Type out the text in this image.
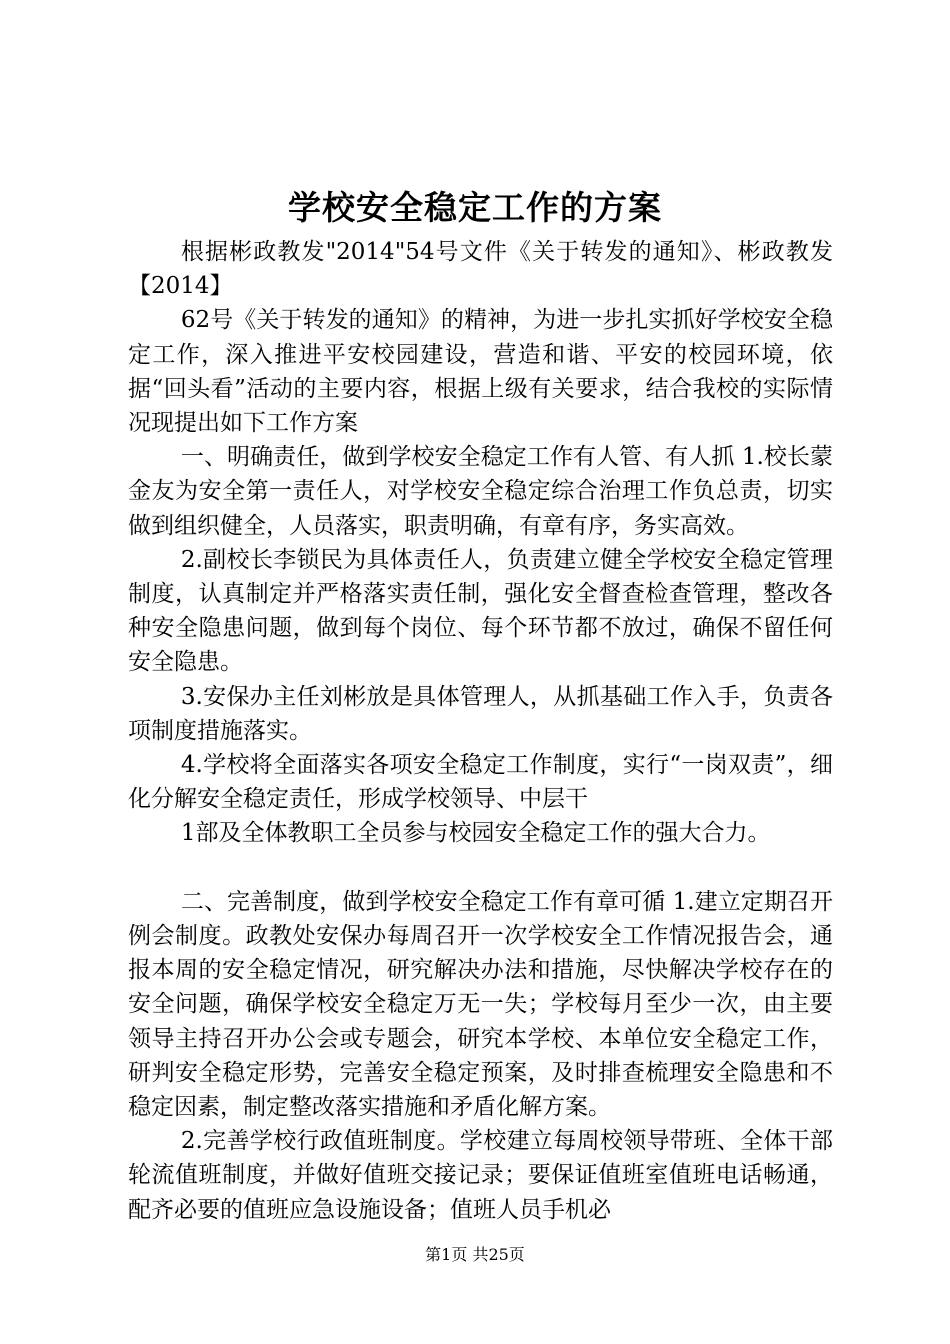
学校安全稳定工作的方案

根据彬政教发"2014"54号文件《关于转发的通知》、彬政教发【2014】

62号《关于转发的通知》的精神，为进一步扎实抓好学校安全稳定工作，深入推进平安校园建设，营造和谐、平安的校园环境，依据“回头看”活动的主要内容，根据上级有关要求，结合我校的实际情况现提出如下工作方案

一、明确责任，做到学校安全稳定工作有人管、有人抓 1.校长蒙金友为安全第一责任人，对学校安全稳定综合治理工作负总责，切实做到组织健全，人员落实，职责明确，有章有序，务实高效。

2.副校长李锁民为具体责任人，负责建立健全学校安全稳定管理制度，认真制定并严格落实责任制，强化安全督查检查管理，整改各种安全隐患问题，做到每个岗位、每个环节都不放过，确保不留任何安全隐患。

3.安保办主任刘彬放是具体管理人，从抓基础工作入手，负责各项制度措施落实。

4.学校将全面落实各项安全稳定工作制度，实行“一岗双责”，细化分解安全稳定责任，形成学校领导、中层干

1部及全体教职工全员参与校园安全稳定工作的强大合力。

二、完善制度，做到学校安全稳定工作有章可循 1.建立定期召开例会制度。政教处安保办每周召开一次学校安全工作情况报告会，通报本周的安全稳定情况，研究解决办法和措施，尽快解决学校存在的安全问题，确保学校安全稳定万无一失；学校每月至少一次，由主要领导主持召开办公会或专题会，研究本学校、本单位安全稳定工作，研判安全稳定形势，完善安全稳定预案，及时排查梳理安全隐患和不稳定因素，制定整改落实措施和矛盾化解方案。

2.完善学校行政值班制度。学校建立每周校领导带班、全体干部轮流值班制度，并做好值班交接记录；要保证值班室值班电话畅通，配齐必要的值班应急设施设备；值班人员手机必

第1页 共25页
